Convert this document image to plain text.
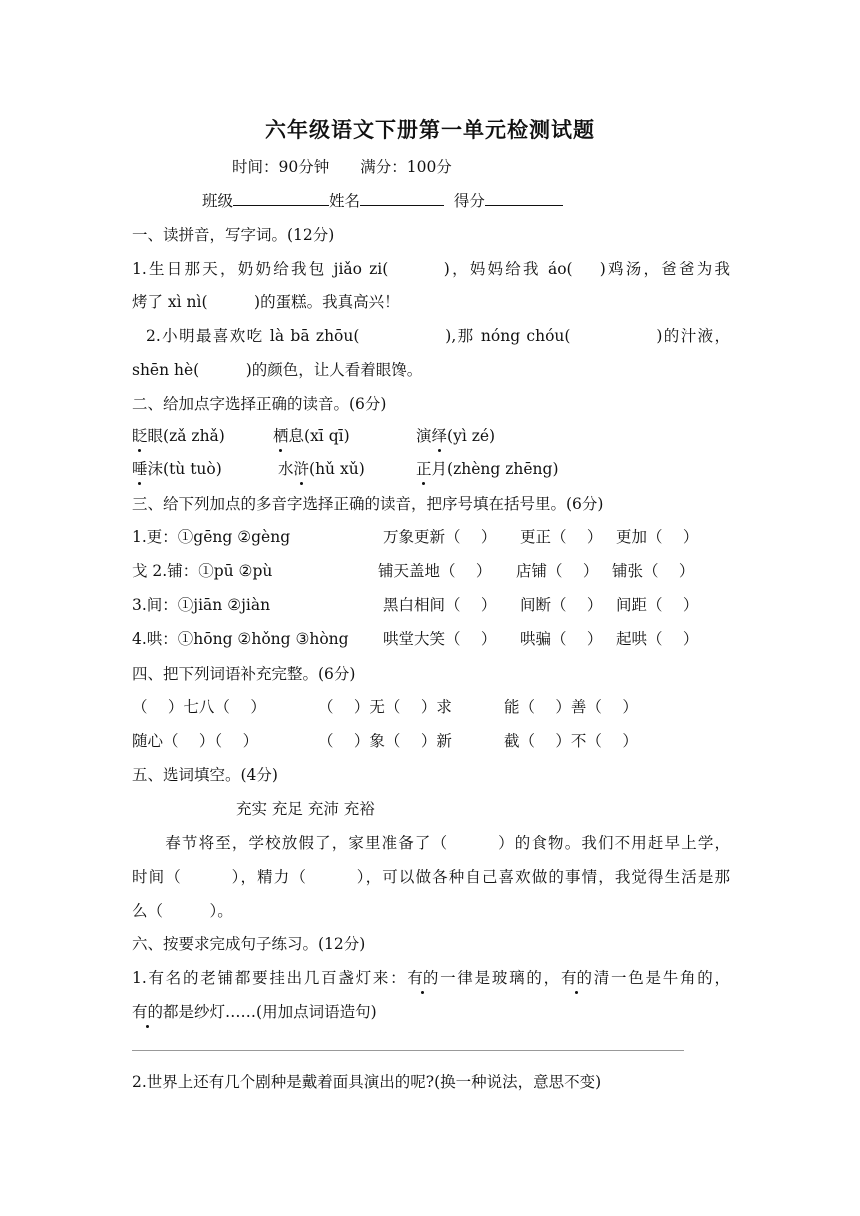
六年级语文下册第一单元检测试题
时间：90分钟　　满分：100分
班级	姓名	得分
一、读拼音，写字词。(12分)
1.生日那天，奶奶给我包 jiǎo zi(　　　)，妈妈给我 áo(　 )鸡汤，爸爸为我
烤了 xì nì(　　　)的蛋糕。我真高兴！
2.小明最喜欢吃 là bā zhōu(　　　　　),那 nóng chóu(　　　　　)的汁液，
shēn hè(　　　)的颜色，让人看着眼馋。
二、给加点字选择正确的读音。(6分)
眨眼(zǎ zhǎ)	栖息(xī qī)	演绎(yì zé)
唾沫(tù tuò)	水浒(hǔ xǔ)	正月(zhèng zhēng)
三、给下列加点的多音字选择正确的读音，把序号填在括号里。(6分)
1.更：①gēng ②gèng	万象更新（　 ） 更正（　 ） 更加（　 ）
戈 2.铺：①pū ②pù	铺天盖地（　 ） 店铺（　 ） 铺张（　 ）
3.间：①jiān ②jiàn	黑白相间（　 ） 间断（　 ） 间距（　 ）
4.哄：①hōng ②hǒng ③hòng 哄堂大笑（　 ） 哄骗（　 ） 起哄（　 ）
四、把下列词语补充完整。(6分)
（　 ）七八（　 ）	（　 ）无（　 ）求	能（　 ）善（　 ）
随心（　 ）（　 ）	（　 ）象（　 ）新	截（　 ）不（　 ）
五、选词填空。(4分)
充实 充足 充沛 充裕
　　春节将至，学校放假了，家里准备了（　　　）的食物。我们不用赶早上学，
时间（　　　），精力（　　　），可以做各种自己喜欢做的事情，我觉得生活是那
么（　　　）。
六、按要求完成句子练习。(12分)
1.有名的老铺都要挂出几百盏灯来：有的一律是玻璃的，有的清一色是牛角的，
有的都是纱灯……(用加点词语造句)
2.世界上还有几个剧种是戴着面具演出的呢?(换一种说法，意思不变)
